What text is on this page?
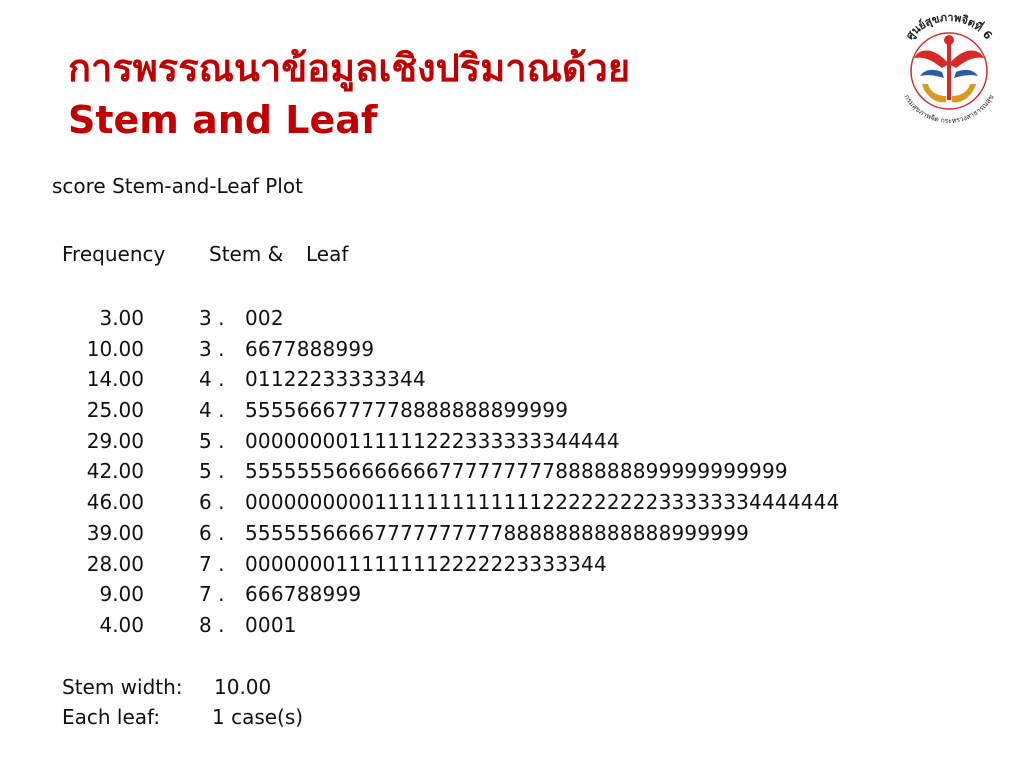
การพรรณนาข้อมูลเชิงปริมาณด้วย
Stem and Leaf
ศูนย์สุขภาพจิตที่ 6
กรมสุขภาพจิต กระทรวงสาธารณสุข
score Stem-and-Leaf Plot
Frequency Stem & Leaf
3.00	3 . 002
10.00	3 . 6677888999
14.00	4 . 01122233333344
25.00	4 . 5555666777778888888899999
29.00	5 . 00000000111111222333333344444
42.00	5 . 555555566666666777777777888888899999999999
46.00	6 . 0000000000111111111111122222222233333334444444
39.00	6 . 555555666677777777778888888888888999999
28.00	7 . 0000000111111112222223333344
9.00	7 . 666788999
4.00	8 . 0001
Stem width: 10.00
Each leaf:	1 case(s)
